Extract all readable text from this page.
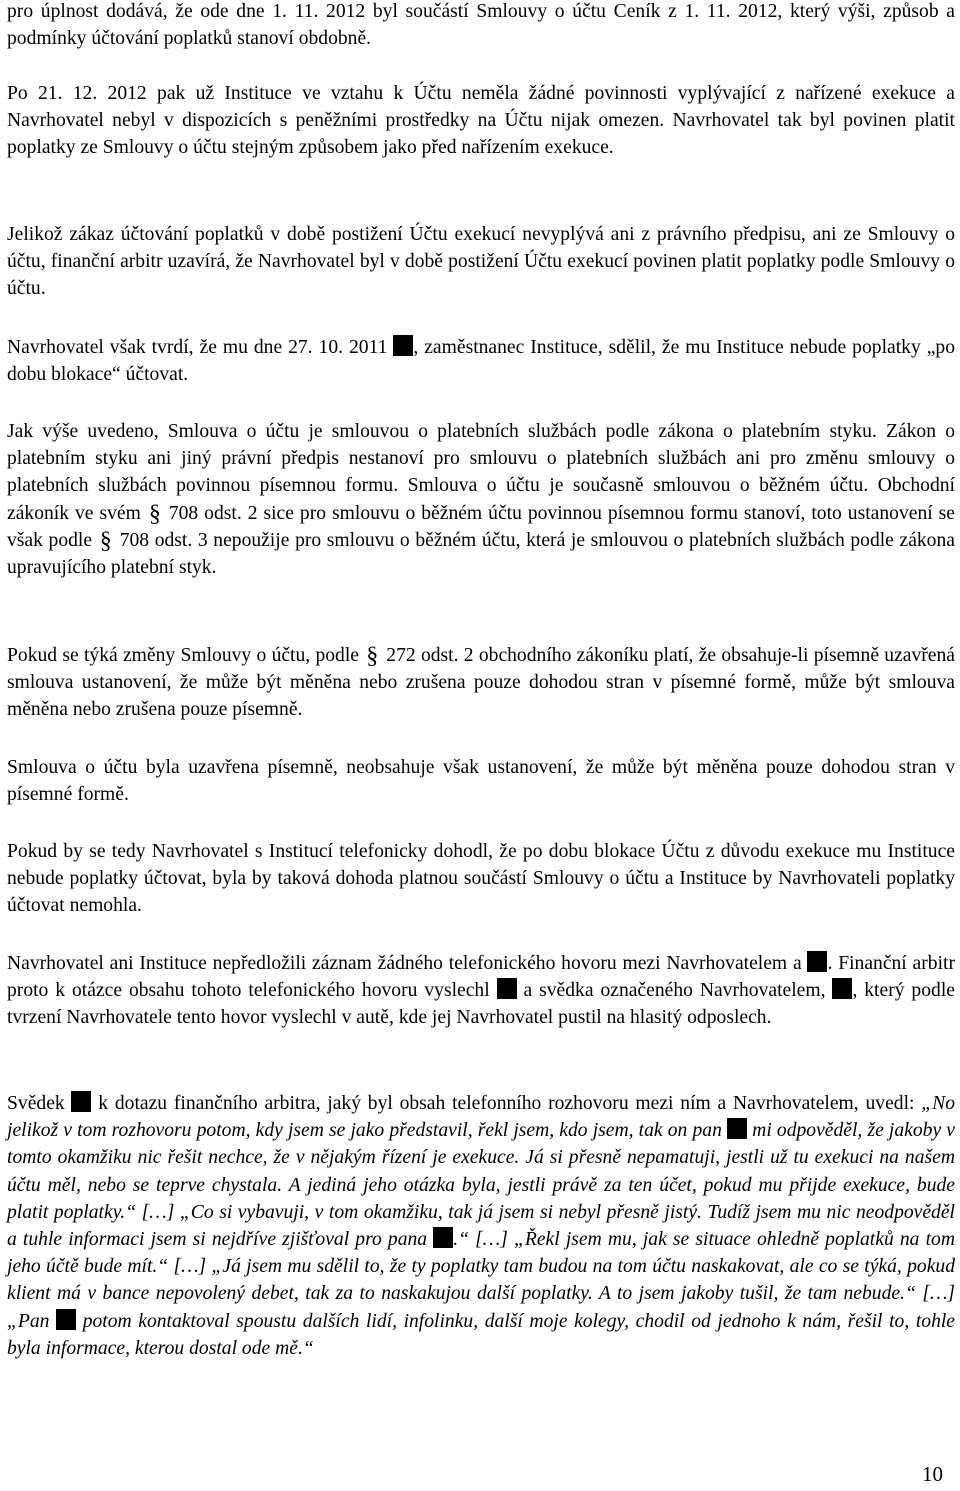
pro úplnost dodává, že ode dne 1. 11. 2012 byl součástí Smlouvy o účtu Ceník z 1. 11. 2012, který výši, způsob a podmínky účtování poplatků stanoví obdobně.

Po 21. 12. 2012 pak už Instituce ve vztahu k Účtu neměla žádné povinnosti vyplývající z nařízené exekuce a Navrhovatel nebyl v dispozicích s peněžními prostředky na Účtu nijak omezen. Navrhovatel tak byl povinen platit poplatky ze Smlouvy o účtu stejným způsobem jako před nařízením exekuce.

Jelikož zákaz účtování poplatků v době postižení Účtu exekucí nevyplývá ani z právního předpisu, ani ze Smlouvy o účtu, finanční arbitr uzavírá, že Navrhovatel byl v době postižení Účtu exekucí povinen platit poplatky podle Smlouvy o účtu.

Navrhovatel však tvrdí, že mu dne 27. 10. 2011 , zaměstnanec Instituce, sdělil, že mu Instituce nebude poplatky „po dobu blokace“ účtovat.

Jak výše uvedeno, Smlouva o účtu je smlouvou o platebních službách podle zákona o platebním styku. Zákon o platebním styku ani jiný právní předpis nestanoví pro smlouvu o platebních službách ani pro změnu smlouvy o platebních službách povinnou písemnou formu. Smlouva o účtu je současně smlouvou o běžném účtu. Obchodní zákoník ve svém § 708 odst. 2 sice pro smlouvu o běžném účtu povinnou písemnou formu stanoví, toto ustanovení se však podle § 708 odst. 3 nepoužije pro smlouvu o běžném účtu, která je smlouvou o platebních službách podle zákona upravujícího platební styk.

Pokud se týká změny Smlouvy o účtu, podle § 272 odst. 2 obchodního zákoníku platí, že obsahuje-li písemně uzavřená smlouva ustanovení, že může být měněna nebo zrušena pouze dohodou stran v písemné formě, může být smlouva měněna nebo zrušena pouze písemně.

Smlouva o účtu byla uzavřena písemně, neobsahuje však ustanovení, že může být měněna pouze dohodou stran v písemné formě.

Pokud by se tedy Navrhovatel s Institucí telefonicky dohodl, že po dobu blokace Účtu z důvodu exekuce mu Instituce nebude poplatky účtovat, byla by taková dohoda platnou součástí Smlouvy o účtu a Instituce by Navrhovateli poplatky účtovat nemohla.

Navrhovatel ani Instituce nepředložili záznam žádného telefonického hovoru mezi Navrhovatelem a . Finanční arbitr proto k otázce obsahu tohoto telefonického hovoru vyslechl a svědka označeného Navrhovatelem, , který podle tvrzení Navrhovatele tento hovor vyslechl v autě, kde jej Navrhovatel pustil na hlasitý odposlech.

Svědek k dotazu finančního arbitra, jaký byl obsah telefonního rozhovoru mezi ním a Navrhovatelem, uvedl: „No jelikož v tom rozhovoru potom, kdy jsem se jako představil, řekl jsem, kdo jsem, tak on pan mi odpověděl, že jakoby v tomto okamžiku nic řešit nechce, že v nějakým řízení je exekuce. Já si přesně nepamatuji, jestli už tu exekuci na našem účtu měl, nebo se teprve chystala. A jediná jeho otázka byla, jestli právě za ten účet, pokud mu přijde exekuce, bude platit poplatky.“ […] „Co si vybavuji, v tom okamžiku, tak já jsem si nebyl přesně jistý. Tudíž jsem mu nic neodpověděl a tuhle informaci jsem si nejdříve zjišťoval pro pana .“ […] „Řekl jsem mu, jak se situace ohledně poplatků na tom jeho účtě bude mít.“ […] „Já jsem mu sdělil to, že ty poplatky tam budou na tom účtu naskakovat, ale co se týká, pokud klient má v bance nepovolený debet, tak za to naskakujou další poplatky. A to jsem jakoby tušil, že tam nebude.“ […] „Pan potom kontaktoval spoustu dalších lidí, infolinku, další moje kolegy, chodil od jednoho k nám, řešil to, tohle byla informace, kterou dostal ode mě.“

10
